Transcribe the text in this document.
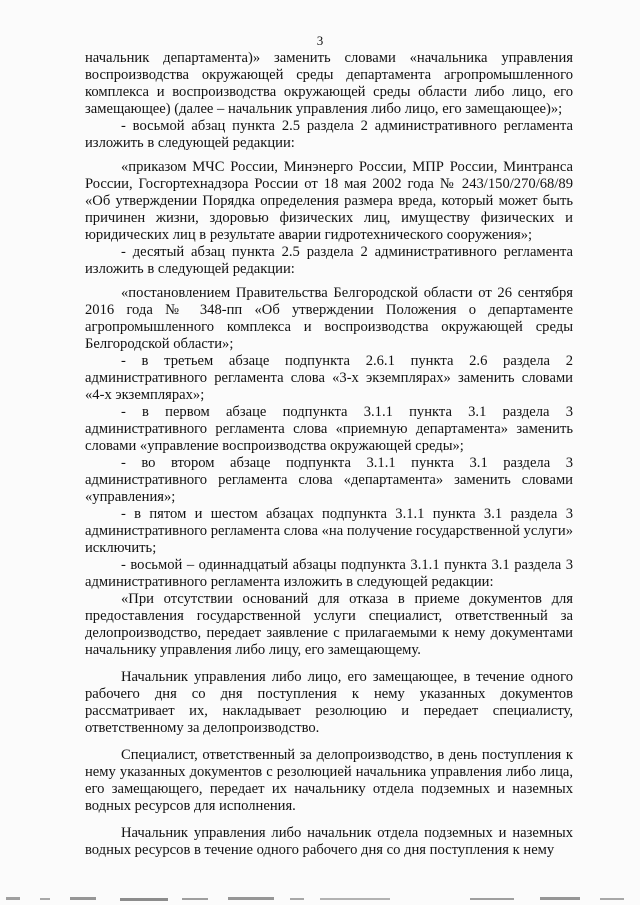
3

начальник департамента)» заменить словами «начальника управления воспроизводства окружающей среды департамента агропромышленного комплекса и воспроизводства окружающей среды области либо лицо, его замещающее) (далее – начальник управления либо лицо, его замещающее)»;

- восьмой абзац пункта 2.5 раздела 2 административного регламента изложить в следующей редакции:

«приказом МЧС России, Минэнерго России, МПР России, Минтранса России, Госгортехнадзора России от 18 мая 2002 года № 243/150/270/68/89 «Об утверждении Порядка определения размера вреда, который может быть причинен жизни, здоровью физических лиц, имуществу физических и юридических лиц в результате аварии гидротехнического сооружения»;

- десятый абзац пункта 2.5 раздела 2 административного регламента изложить в следующей редакции:

«постановлением Правительства Белгородской области от 26 сентября 2016 года № 348-пп «Об утверждении Положения о департаменте агропромышленного комплекса и воспроизводства окружающей среды Белгородской области»;

- в третьем абзаце подпункта 2.6.1 пункта 2.6 раздела 2 административного регламента слова «3-х экземплярах» заменить словами «4-х экземплярах»;

- в первом абзаце подпункта 3.1.1 пункта 3.1 раздела 3 административного регламента слова «приемную департамента» заменить словами «управление воспроизводства окружающей среды»;

- во втором абзаце подпункта 3.1.1 пункта 3.1 раздела 3 административного регламента слова «департамента» заменить словами «управления»;

- в пятом и шестом абзацах подпункта 3.1.1 пункта 3.1 раздела 3 административного регламента слова «на получение государственной услуги» исключить;

- восьмой – одиннадцатый абзацы подпункта 3.1.1 пункта 3.1 раздела 3 административного регламента изложить в следующей редакции:

«При отсутствии оснований для отказа в приеме документов для предоставления государственной услуги специалист, ответственный за делопроизводство, передает заявление с прилагаемыми к нему документами начальнику управления либо лицу, его замещающему.

Начальник управления либо лицо, его замещающее, в течение одного рабочего дня со дня поступления к нему указанных документов рассматривает их, накладывает резолюцию и передает специалисту, ответственному за делопроизводство.

Специалист, ответственный за делопроизводство, в день поступления к нему указанных документов с резолюцией начальника управления либо лица, его замещающего, передает их начальнику отдела подземных и наземных водных ресурсов для исполнения.

Начальник управления либо начальник отдела подземных и наземных водных ресурсов в течение одного рабочего дня со дня поступления к нему
